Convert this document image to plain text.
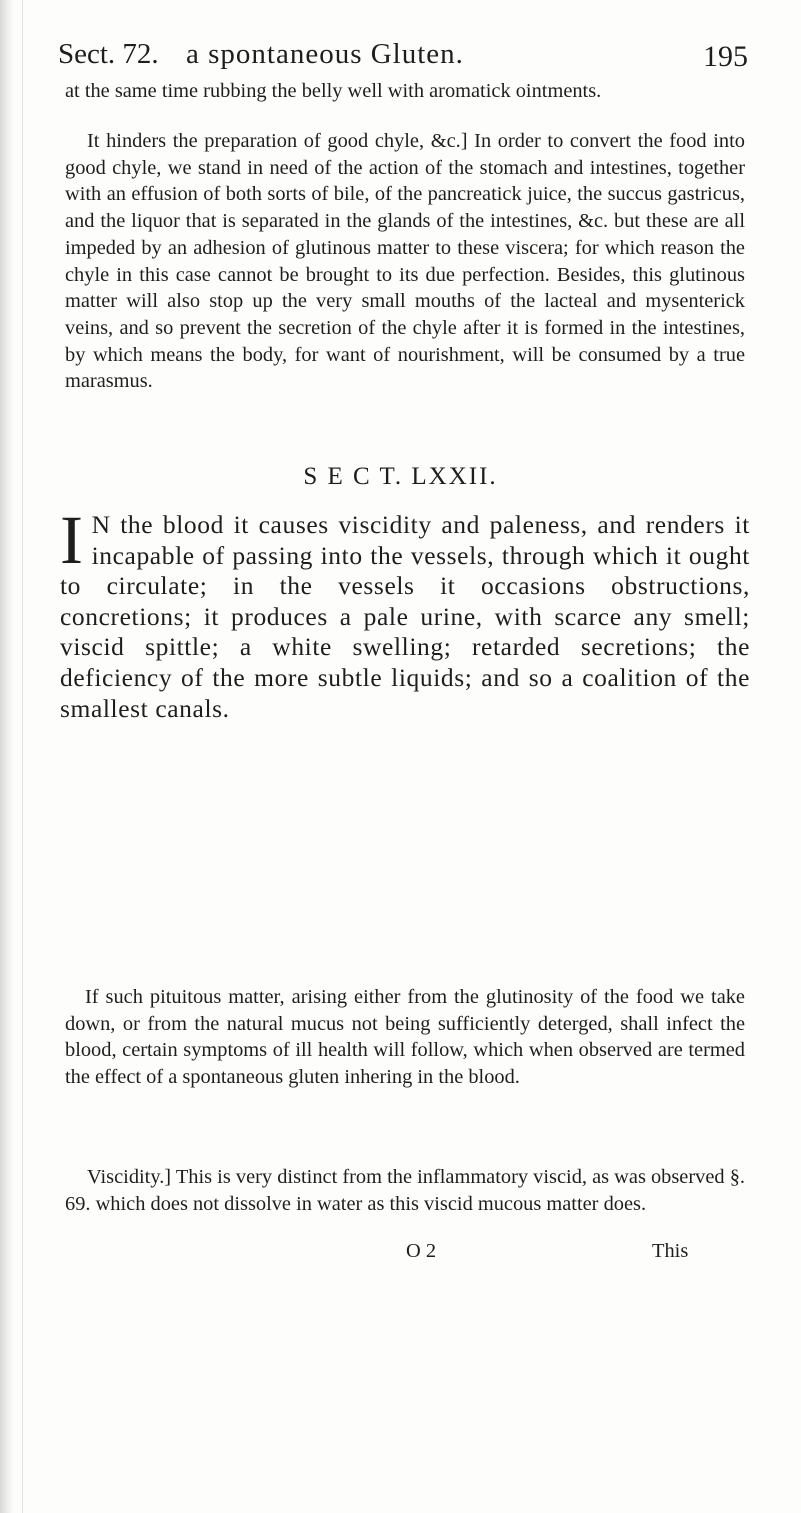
Sect. 72. a spontaneous Gluten.	195

at the same time rubbing the belly well with aromatick ointments.

It hinders the preparation of good chyle, &c.] In order to convert the food into good chyle, we stand in need of the action of the stomach and intestines, together with an effusion of both sorts of bile, of the pancreatick juice, the succus gastricus, and the liquor that is separated in the glands of the intestines, &c. but these are all impeded by an adhesion of glutinous matter to these viscera; for which reason the chyle in this case cannot be brought to its due perfection. Besides, this glutinous matter will also stop up the very small mouths of the lacteal and mysenterick veins, and so prevent the secretion of the chyle after it is formed in the intestines, by which means the body, for want of nourishment, will be consumed by a true marasmus.

S E C T. LXXII.

I N the blood it causes viscidity and paleness, and renders it incapable of passing into the vessels, through which it ought to circulate; in the vessels it occasions obstructions, concretions; it produces a pale urine, with scarce any smell; viscid spittle; a white swelling; retarded secretions; the deficiency of the more subtle liquids; and so a coalition of the smallest canals.

If such pituitous matter, arising either from the glutinosity of the food we take down, or from the natural mucus not being sufficiently deterged, shall infect the blood, certain symptoms of ill health will follow, which when observed are termed the effect of a spontaneous gluten inhering in the blood.

Viscidity.] This is very distinct from the inflammatory viscid, as was observed §. 69. which does not dissolve in water as this viscid mucous matter does.

O 2	This
